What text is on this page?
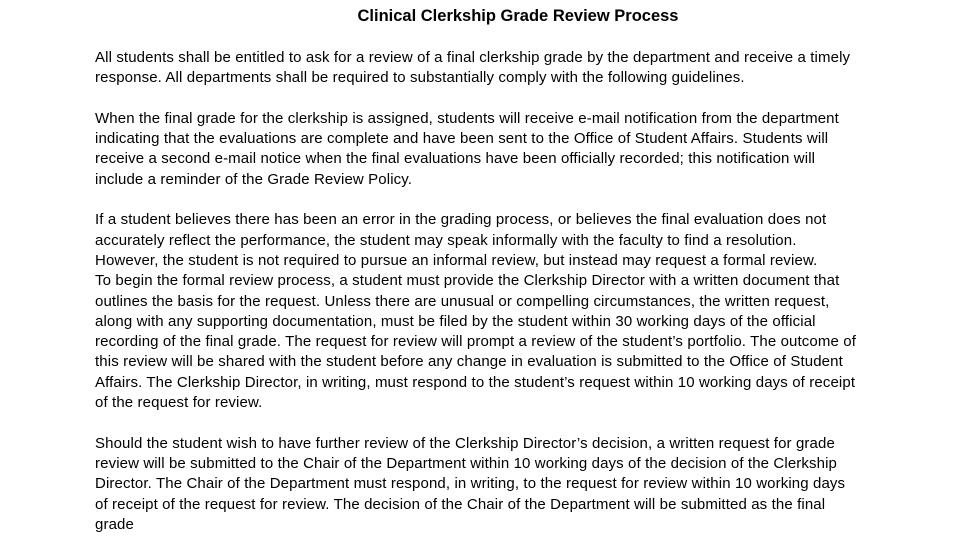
Clinical Clerkship Grade Review Process

All students shall be entitled to ask for a review of a final clerkship grade by the department and receive a timely
response. All departments shall be required to substantially comply with the following guidelines.

When the final grade for the clerkship is assigned, students will receive e-mail notification from the department
indicating that the evaluations are complete and have been sent to the Office of Student Affairs. Students will
receive a second e-mail notice when the final evaluations have been officially recorded; this notification will
include a reminder of the Grade Review Policy.

If a student believes there has been an error in the grading process, or believes the final evaluation does not
accurately reflect the performance, the student may speak informally with the faculty to find a resolution.
However, the student is not required to pursue an informal review, but instead may request a formal review.
To begin the formal review process, a student must provide the Clerkship Director with a written document that
outlines the basis for the request. Unless there are unusual or compelling circumstances, the written request,
along with any supporting documentation, must be filed by the student within 30 working days of the official
recording of the final grade. The request for review will prompt a review of the student’s portfolio. The outcome of
this review will be shared with the student before any change in evaluation is submitted to the Office of Student
Affairs. The Clerkship Director, in writing, must respond to the student’s request within 10 working days of receipt
of the request for review.

Should the student wish to have further review of the Clerkship Director’s decision, a written request for grade
review will be submitted to the Chair of the Department within 10 working days of the decision of the Clerkship
Director. The Chair of the Department must respond, in writing, to the request for review within 10 working days
of receipt of the request for review. The decision of the Chair of the Department will be submitted as the final
grade
